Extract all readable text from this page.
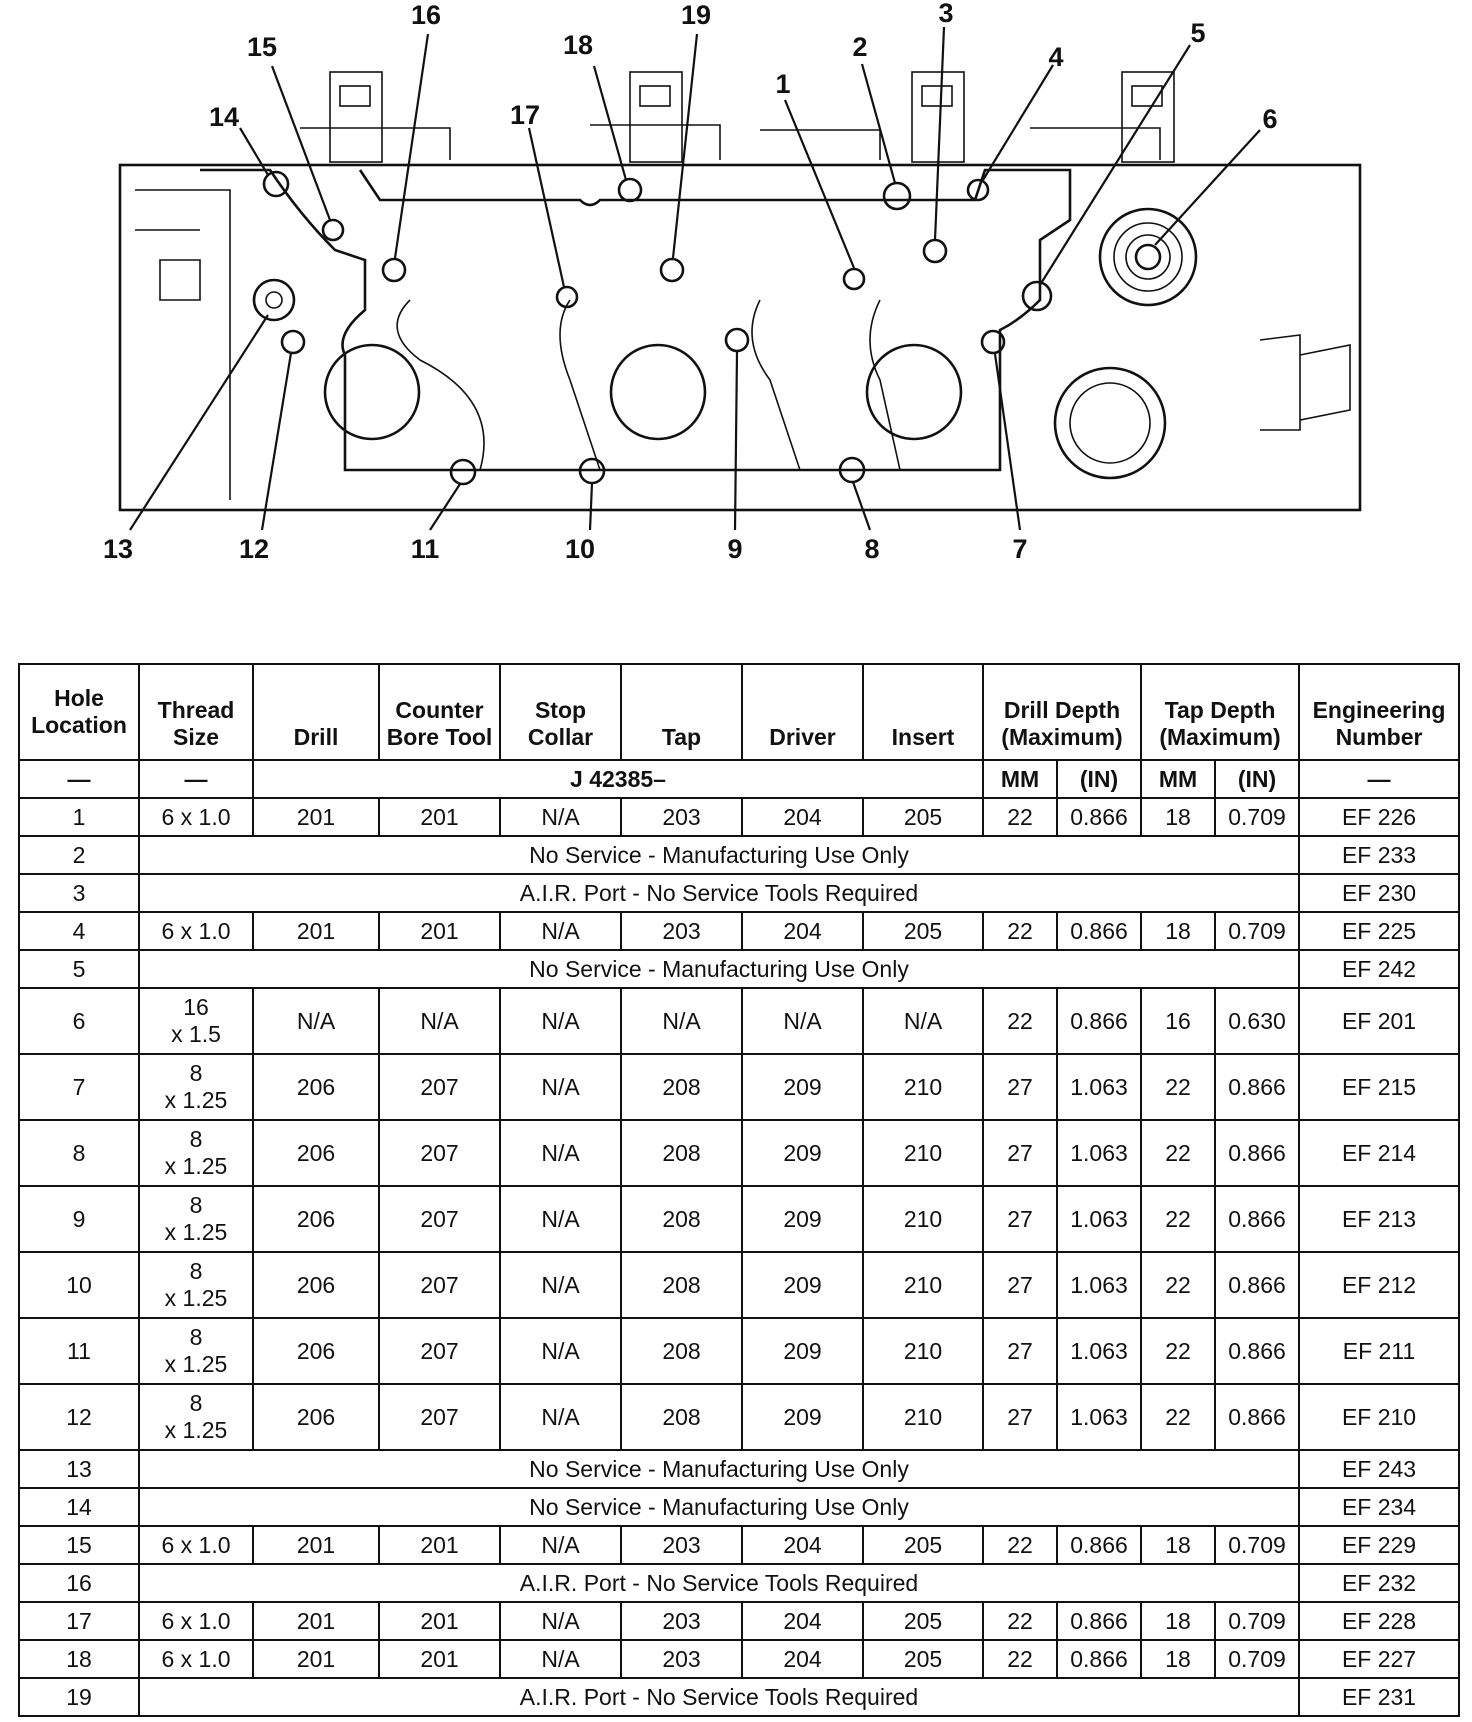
1
2
3
4
5
6
7
8
9
10
11
12
13
14
15
16
17
18
19
Hole Location	Thread Size	Drill	Counter Bore Tool	Stop Collar	Tap	Driver	Insert	Drill Depth (Maximum)		Tap Depth (Maximum)		Engineering Number
—	—	J 42385–						MM	(IN)	MM	(IN)	—
1	6 x 1.0	201	201	N/A	203	204	205	22	0.866	18	0.709	EF 226
2	No Service - Manufacturing Use Only											EF 233
3	A.I.R. Port - No Service Tools Required											EF 230
4	6 x 1.0	201	201	N/A	203	204	205	22	0.866	18	0.709	EF 225
5	No Service - Manufacturing Use Only											EF 242
6	16
x 1.5	N/A	N/A	N/A	N/A	N/A	N/A	22	0.866	16	0.630	EF 201
7	8
x 1.25	206	207	N/A	208	209	210	27	1.063	22	0.866	EF 215
8	8
x 1.25	206	207	N/A	208	209	210	27	1.063	22	0.866	EF 214
9	8
x 1.25	206	207	N/A	208	209	210	27	1.063	22	0.866	EF 213
10	8
x 1.25	206	207	N/A	208	209	210	27	1.063	22	0.866	EF 212
11	8
x 1.25	206	207	N/A	208	209	210	27	1.063	22	0.866	EF 211
12	8
x 1.25	206	207	N/A	208	209	210	27	1.063	22	0.866	EF 210
13	No Service - Manufacturing Use Only											EF 243
14	No Service - Manufacturing Use Only											EF 234
15	6 x 1.0	201	201	N/A	203	204	205	22	0.866	18	0.709	EF 229
16	A.I.R. Port - No Service Tools Required											EF 232
17	6 x 1.0	201	201	N/A	203	204	205	22	0.866	18	0.709	EF 228
18	6 x 1.0	201	201	N/A	203	204	205	22	0.866	18	0.709	EF 227
19	A.I.R. Port - No Service Tools Required											EF 231
